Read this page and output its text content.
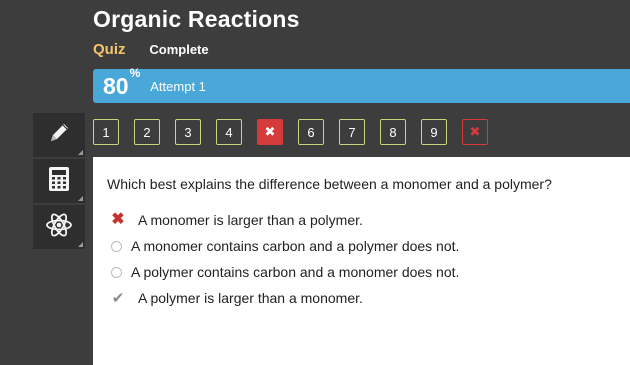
Organic Reactions
Quiz Complete
80%
Attempt 1
1	2	3	4	✖	6	7	8	9	✖
Which best explains the difference between a monomer and a polymer?
✖ A monomer is larger than a polymer.
A monomer contains carbon and a polymer does not.
A polymer contains carbon and a monomer does not.
✔ A polymer is larger than a monomer.
